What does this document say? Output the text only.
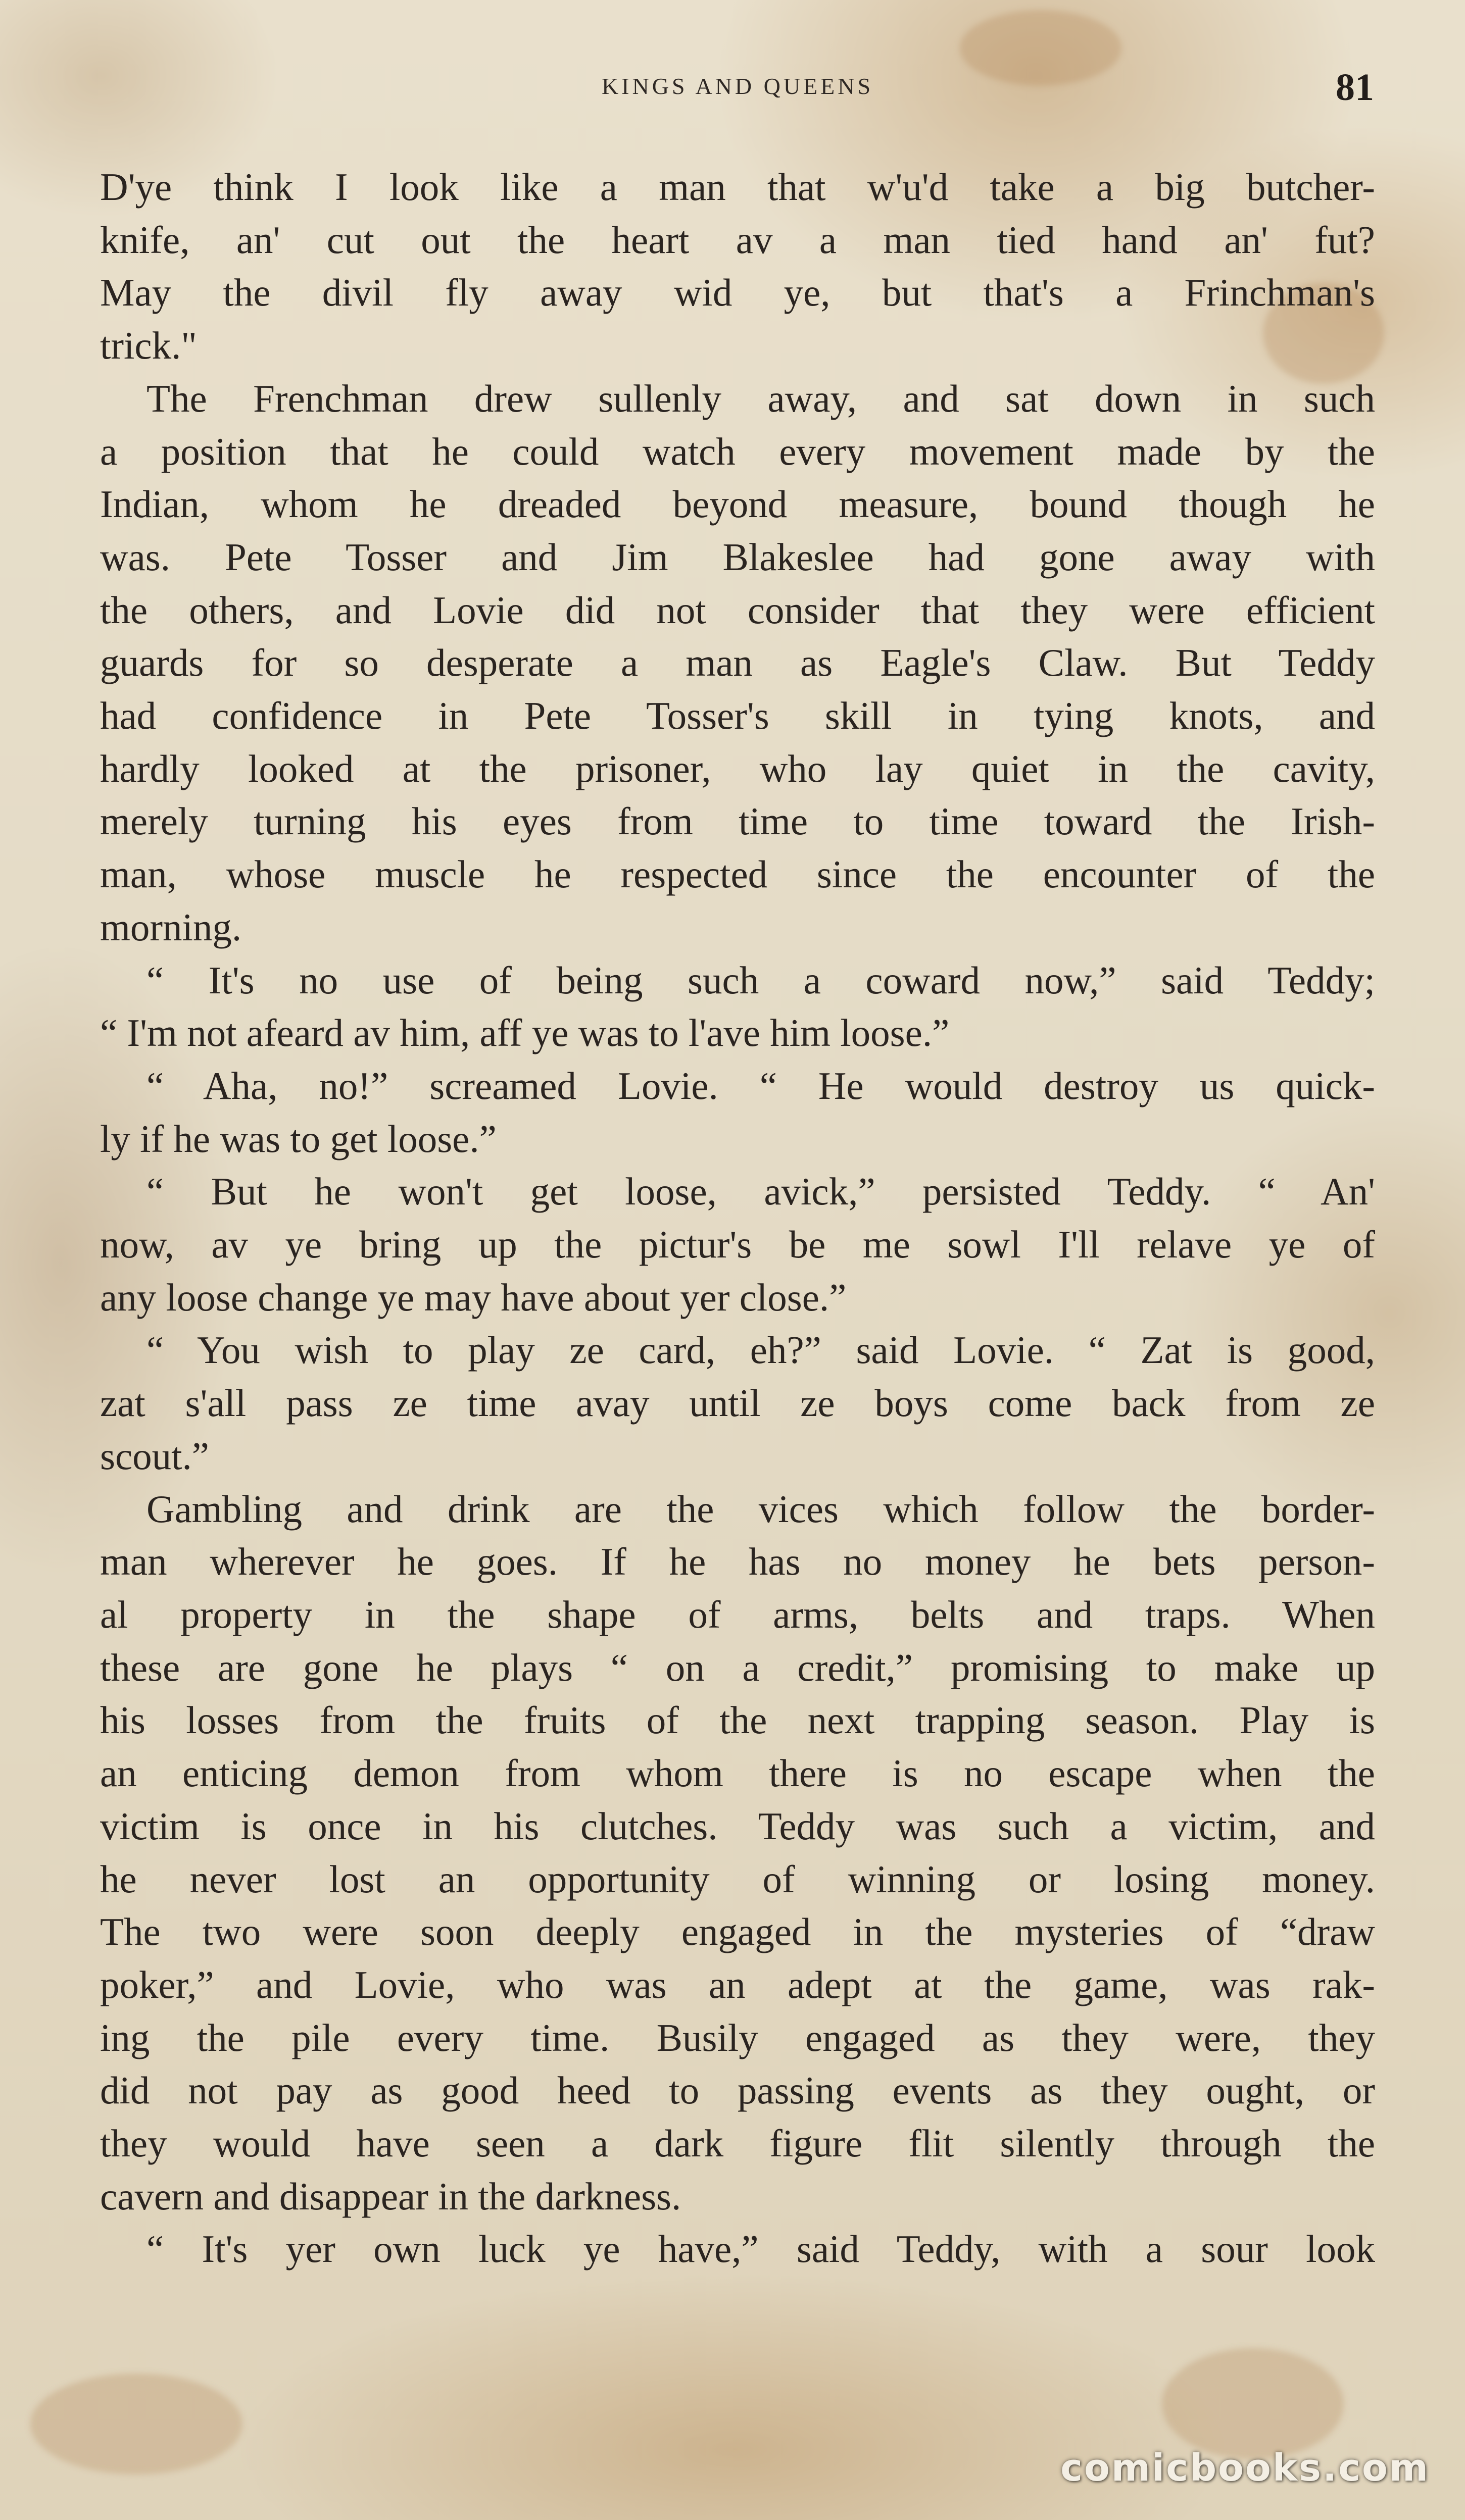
KINGS AND QUEENS	81

D'ye think I look like a man that w'u'd take a big butcher-

knife, an' cut out the heart av a man tied hand an' fut?

May the divil fly away wid ye, but that's a Frinchman's

trick."

The Frenchman drew sullenly away, and sat down in such

a position that he could watch every movement made by the

Indian, whom he dreaded beyond measure, bound though he

was. Pete Tosser and Jim Blakeslee had gone away with

the others, and Lovie did not consider that they were efficient

guards for so desperate a man as Eagle's Claw. But Teddy

had confidence in Pete Tosser's skill in tying knots, and

hardly looked at the prisoner, who lay quiet in the cavity,

merely turning his eyes from time to time toward the Irish-

man, whose muscle he respected since the encounter of the

morning.

“ It's no use of being such a coward now,” said Teddy;

“ I'm not afeard av him, aff ye was to l'ave him loose.”

“ Aha, no!” screamed Lovie. “ He would destroy us quick-

ly if he was to get loose.”

“ But he won't get loose, avick,” persisted Teddy. “ An'

now, av ye bring up the pictur's be me sowl I'll relave ye of

any loose change ye may have about yer close.”

“ You wish to play ze card, eh?” said Lovie. “ Zat is good,

zat s'all pass ze time avay until ze boys come back from ze

scout.”

Gambling and drink are the vices which follow the border-

man wherever he goes. If he has no money he bets person-

al property in the shape of arms, belts and traps. When

these are gone he plays “ on a credit,” promising to make up

his losses from the fruits of the next trapping season. Play is

an enticing demon from whom there is no escape when the

victim is once in his clutches. Teddy was such a victim, and

he never lost an opportunity of winning or losing money.

The two were soon deeply engaged in the mysteries of “draw

poker,” and Lovie, who was an adept at the game, was rak-

ing the pile every time. Busily engaged as they were, they

did not pay as good heed to passing events as they ought, or

they would have seen a dark figure flit silently through the

cavern and disappear in the darkness.

“ It's yer own luck ye have,” said Teddy, with a sour look

comicbooks.com
